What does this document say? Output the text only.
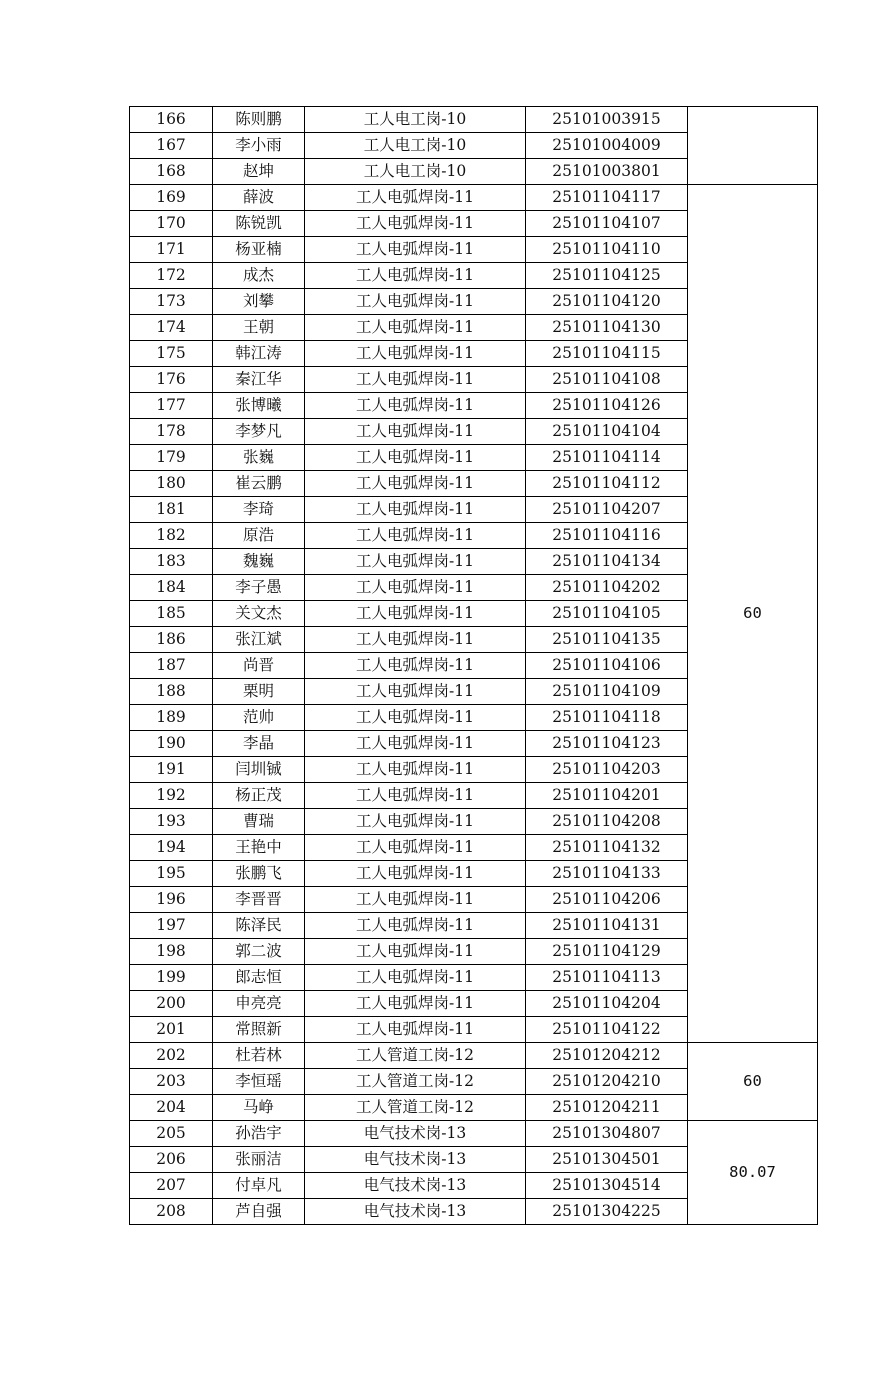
166	陈则鹏	工人电工岗-10	25101003915	
167	李小雨	工人电工岗-10	25101004009	
168	赵坤	工人电工岗-10	25101003801	
169	薛波	工人电弧焊岗-11	25101104117	60
170	陈锐凯	工人电弧焊岗-11	25101104107	
171	杨亚楠	工人电弧焊岗-11	25101104110	
172	成杰	工人电弧焊岗-11	25101104125	
173	刘攀	工人电弧焊岗-11	25101104120	
174	王朝	工人电弧焊岗-11	25101104130	
175	韩江涛	工人电弧焊岗-11	25101104115	
176	秦江华	工人电弧焊岗-11	25101104108	
177	张博曦	工人电弧焊岗-11	25101104126	
178	李梦凡	工人电弧焊岗-11	25101104104	
179	张巍	工人电弧焊岗-11	25101104114	
180	崔云鹏	工人电弧焊岗-11	25101104112	
181	李琦	工人电弧焊岗-11	25101104207	
182	原浩	工人电弧焊岗-11	25101104116	
183	魏巍	工人电弧焊岗-11	25101104134	
184	李子愚	工人电弧焊岗-11	25101104202	
185	关文杰	工人电弧焊岗-11	25101104105	
186	张江斌	工人电弧焊岗-11	25101104135	
187	尚晋	工人电弧焊岗-11	25101104106	
188	栗明	工人电弧焊岗-11	25101104109	
189	范帅	工人电弧焊岗-11	25101104118	
190	李晶	工人电弧焊岗-11	25101104123	
191	闫圳铖	工人电弧焊岗-11	25101104203	
192	杨正茂	工人电弧焊岗-11	25101104201	
193	曹瑞	工人电弧焊岗-11	25101104208	
194	王艳中	工人电弧焊岗-11	25101104132	
195	张鹏飞	工人电弧焊岗-11	25101104133	
196	李晋晋	工人电弧焊岗-11	25101104206	
197	陈泽民	工人电弧焊岗-11	25101104131	
198	郭二波	工人电弧焊岗-11	25101104129	
199	郎志恒	工人电弧焊岗-11	25101104113	
200	申亮亮	工人电弧焊岗-11	25101104204	
201	常照新	工人电弧焊岗-11	25101104122	
202	杜若林	工人管道工岗-12	25101204212	60
203	李恒瑶	工人管道工岗-12	25101204210	
204	马峥	工人管道工岗-12	25101204211	
205	孙浩宇	电气技术岗-13	25101304807	80.07
206	张丽洁	电气技术岗-13	25101304501	
207	付卓凡	电气技术岗-13	25101304514	
208	芦自强	电气技术岗-13	25101304225	
